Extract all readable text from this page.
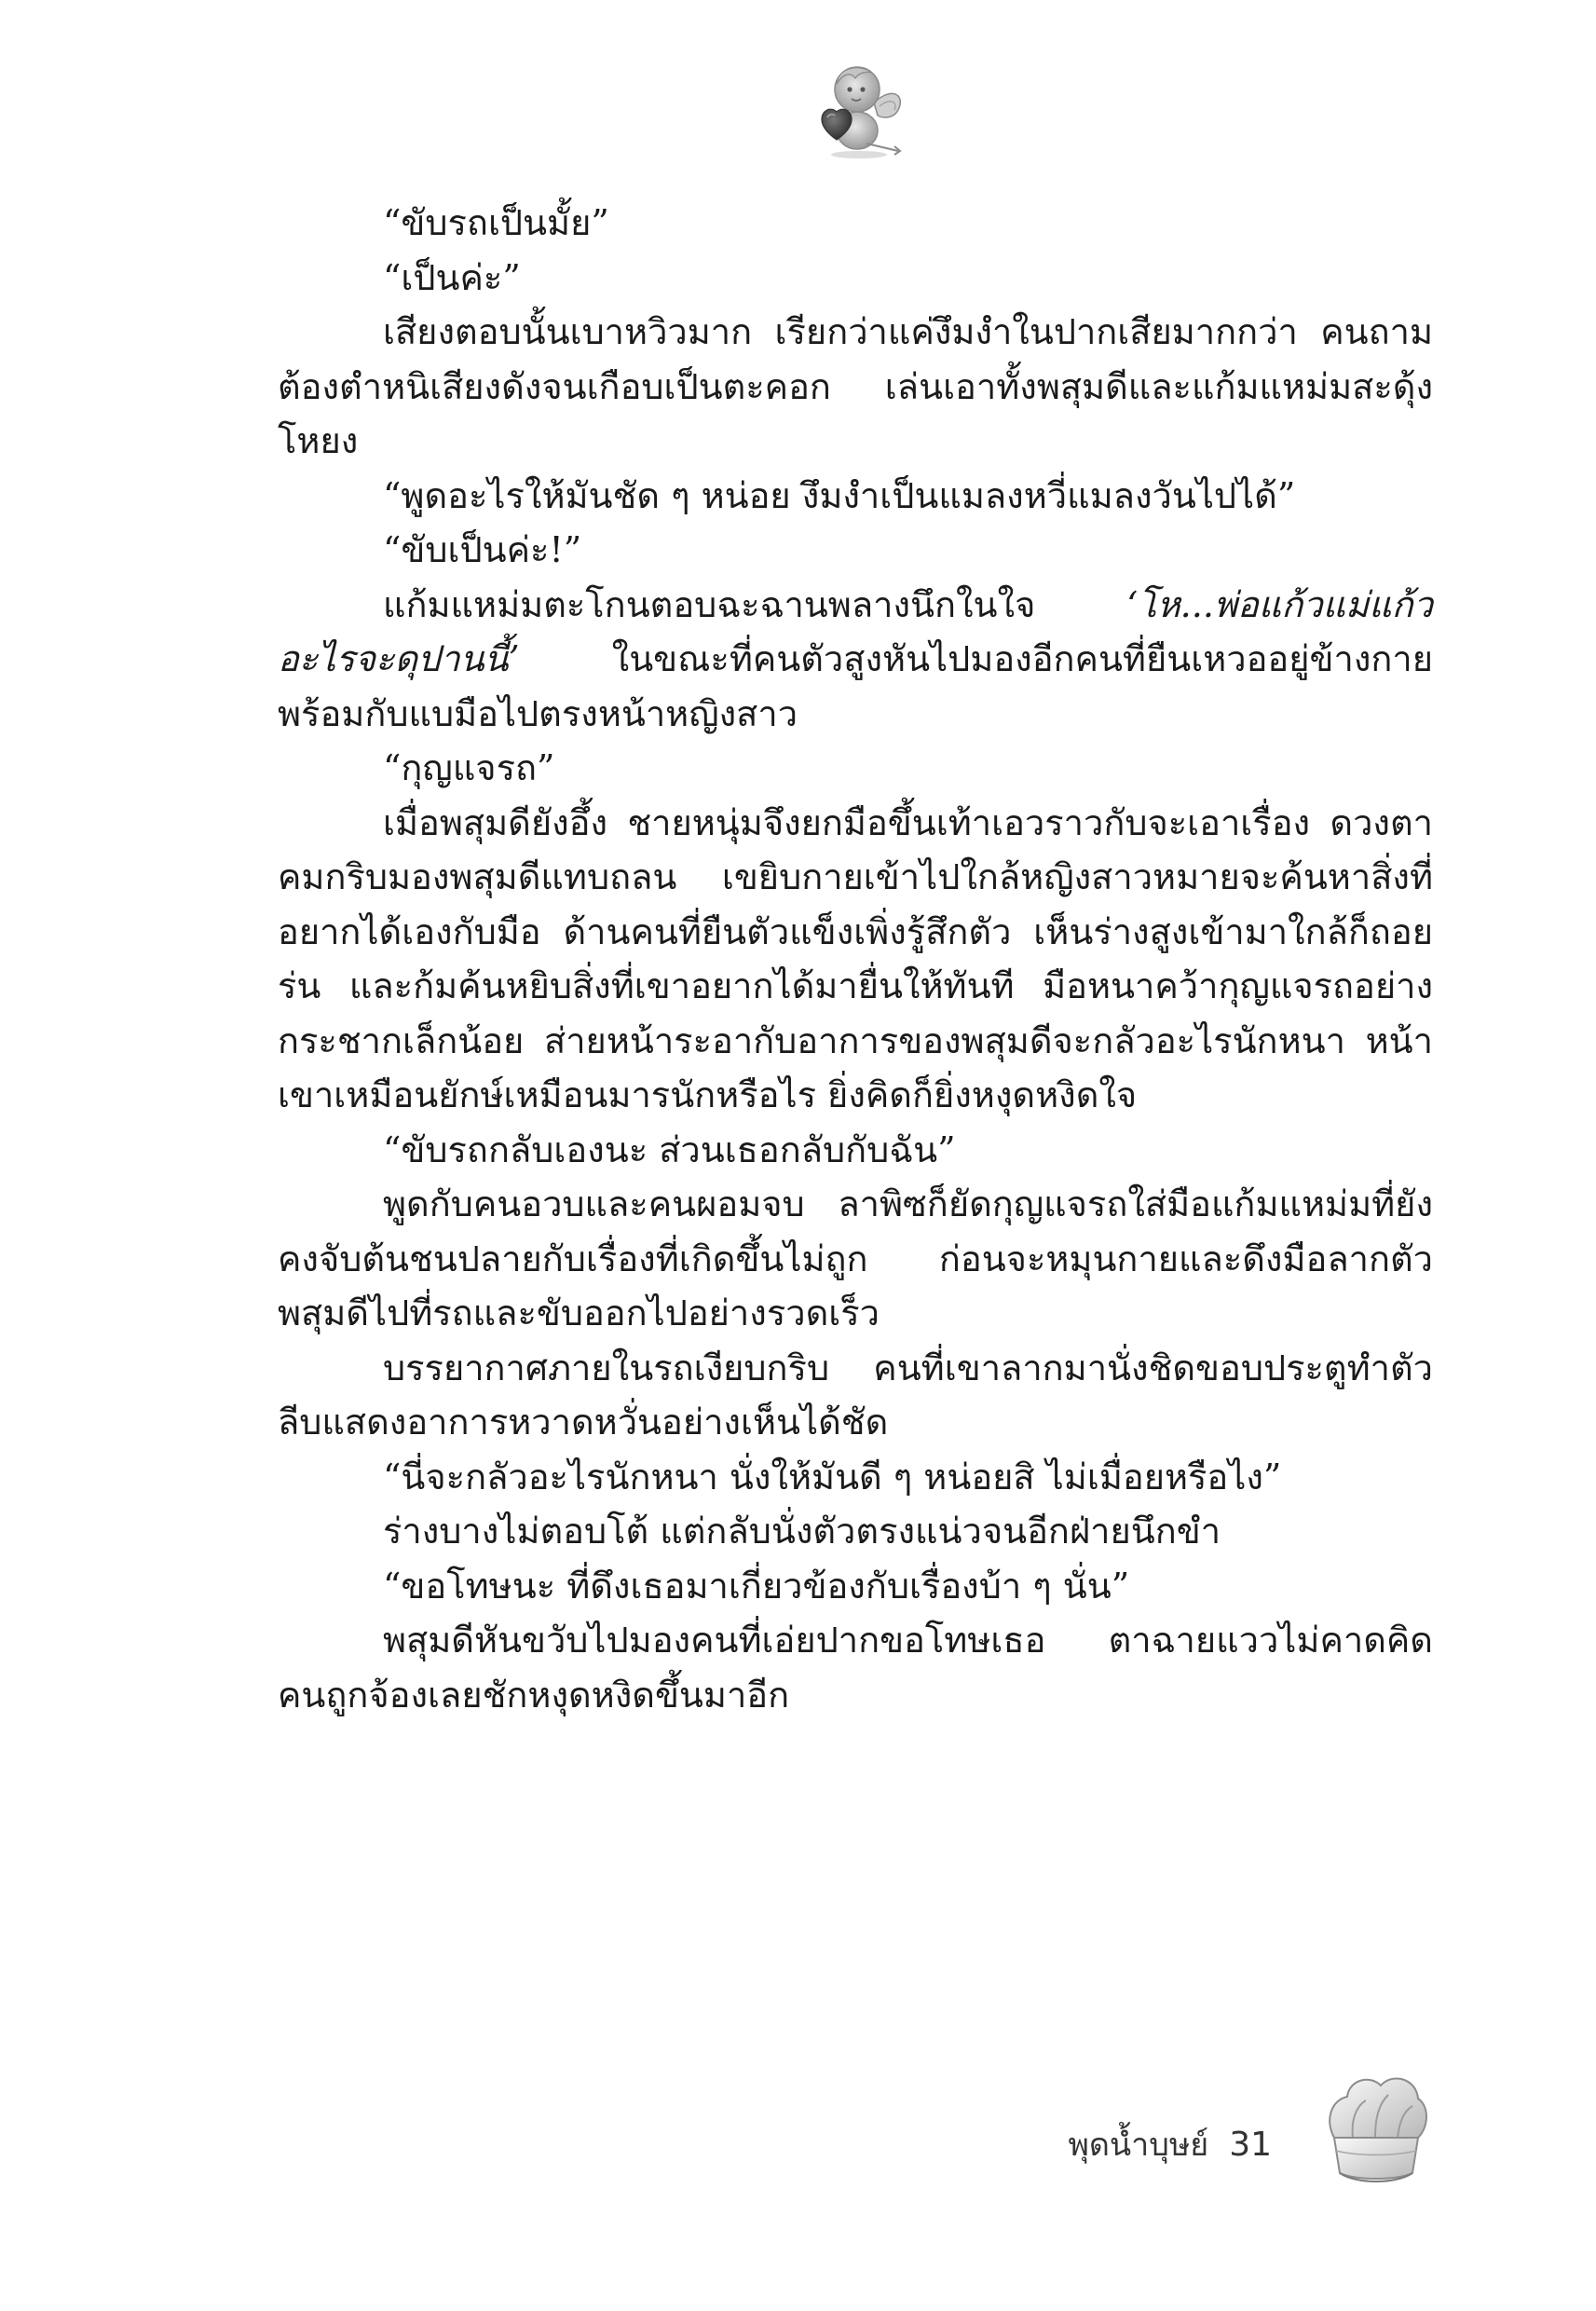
“ขับรถเป็นมั้ย”

“เป็นค่ะ”

เสียงตอบนั้นเบาหวิวมาก เรียกว่าแค่งึมงำในปากเสียมากกว่า คนถามต้องตำหนิเสียงดังจนเกือบเป็นตะคอก เล่นเอาทั้งพสุมดีและแก้มแหม่มสะดุ้งโหยง

“พูดอะไรให้มันชัด ๆ หน่อย งึมงำเป็นแมลงหวี่แมลงวันไปได้”

“ขับเป็นค่ะ!”

แก้มแหม่มตะโกนตอบฉะฉานพลางนึกในใจ ‘โห...พ่อแก้วแม่แก้ว อะไรจะดุปานนี้’ ในขณะที่คนตัวสูงหันไปมองอีกคนที่ยืนเหวออยู่ข้างกาย พร้อมกับแบมือไปตรงหน้าหญิงสาว

“กุญแจรถ”

เมื่อพสุมดียังอึ้ง ชายหนุ่มจึงยกมือขึ้นเท้าเอวราวกับจะเอาเรื่อง ดวงตาคมกริบมองพสุมดีแทบถลน เขยิบกายเข้าไปใกล้หญิงสาวหมายจะค้นหาสิ่งที่อยากได้เองกับมือ ด้านคนที่ยืนตัวแข็งเพิ่งรู้สึกตัว เห็นร่างสูงเข้ามาใกล้ก็ถอยร่น และก้มค้นหยิบสิ่งที่เขาอยากได้มายื่นให้ทันที มือหนาคว้ากุญแจรถอย่างกระชากเล็กน้อย ส่ายหน้าระอากับอาการของพสุมดีจะกลัวอะไรนักหนา หน้าเขาเหมือนยักษ์เหมือนมารนักหรือไร ยิ่งคิดก็ยิ่งหงุดหงิดใจ

“ขับรถกลับเองนะ ส่วนเธอกลับกับฉัน”

พูดกับคนอวบและคนผอมจบ ลาพิซก็ยัดกุญแจรถใส่มือแก้มแหม่มที่ยังคงจับต้นชนปลายกับเรื่องที่เกิดขึ้นไม่ถูก ก่อนจะหมุนกายและดึงมือลากตัวพสุมดีไปที่รถและขับออกไปอย่างรวดเร็ว

บรรยากาศภายในรถเงียบกริบ คนที่เขาลากมานั่งชิดขอบประตูทำตัวลีบแสดงอาการหวาดหวั่นอย่างเห็นได้ชัด

“นี่จะกลัวอะไรนักหนา นั่งให้มันดี ๆ หน่อยสิ ไม่เมื่อยหรือไง”

ร่างบางไม่ตอบโต้ แต่กลับนั่งตัวตรงแน่วจนอีกฝ่ายนึกขำ

“ขอโทษนะ ที่ดึงเธอมาเกี่ยวข้องกับเรื่องบ้า ๆ นั่น”

พสุมดีหันขวับไปมองคนที่เอ่ยปากขอโทษเธอ ตาฉายแววไม่คาดคิด คนถูกจ้องเลยชักหงุดหงิดขึ้นมาอีก

พุดน้ำบุษย์ 31
